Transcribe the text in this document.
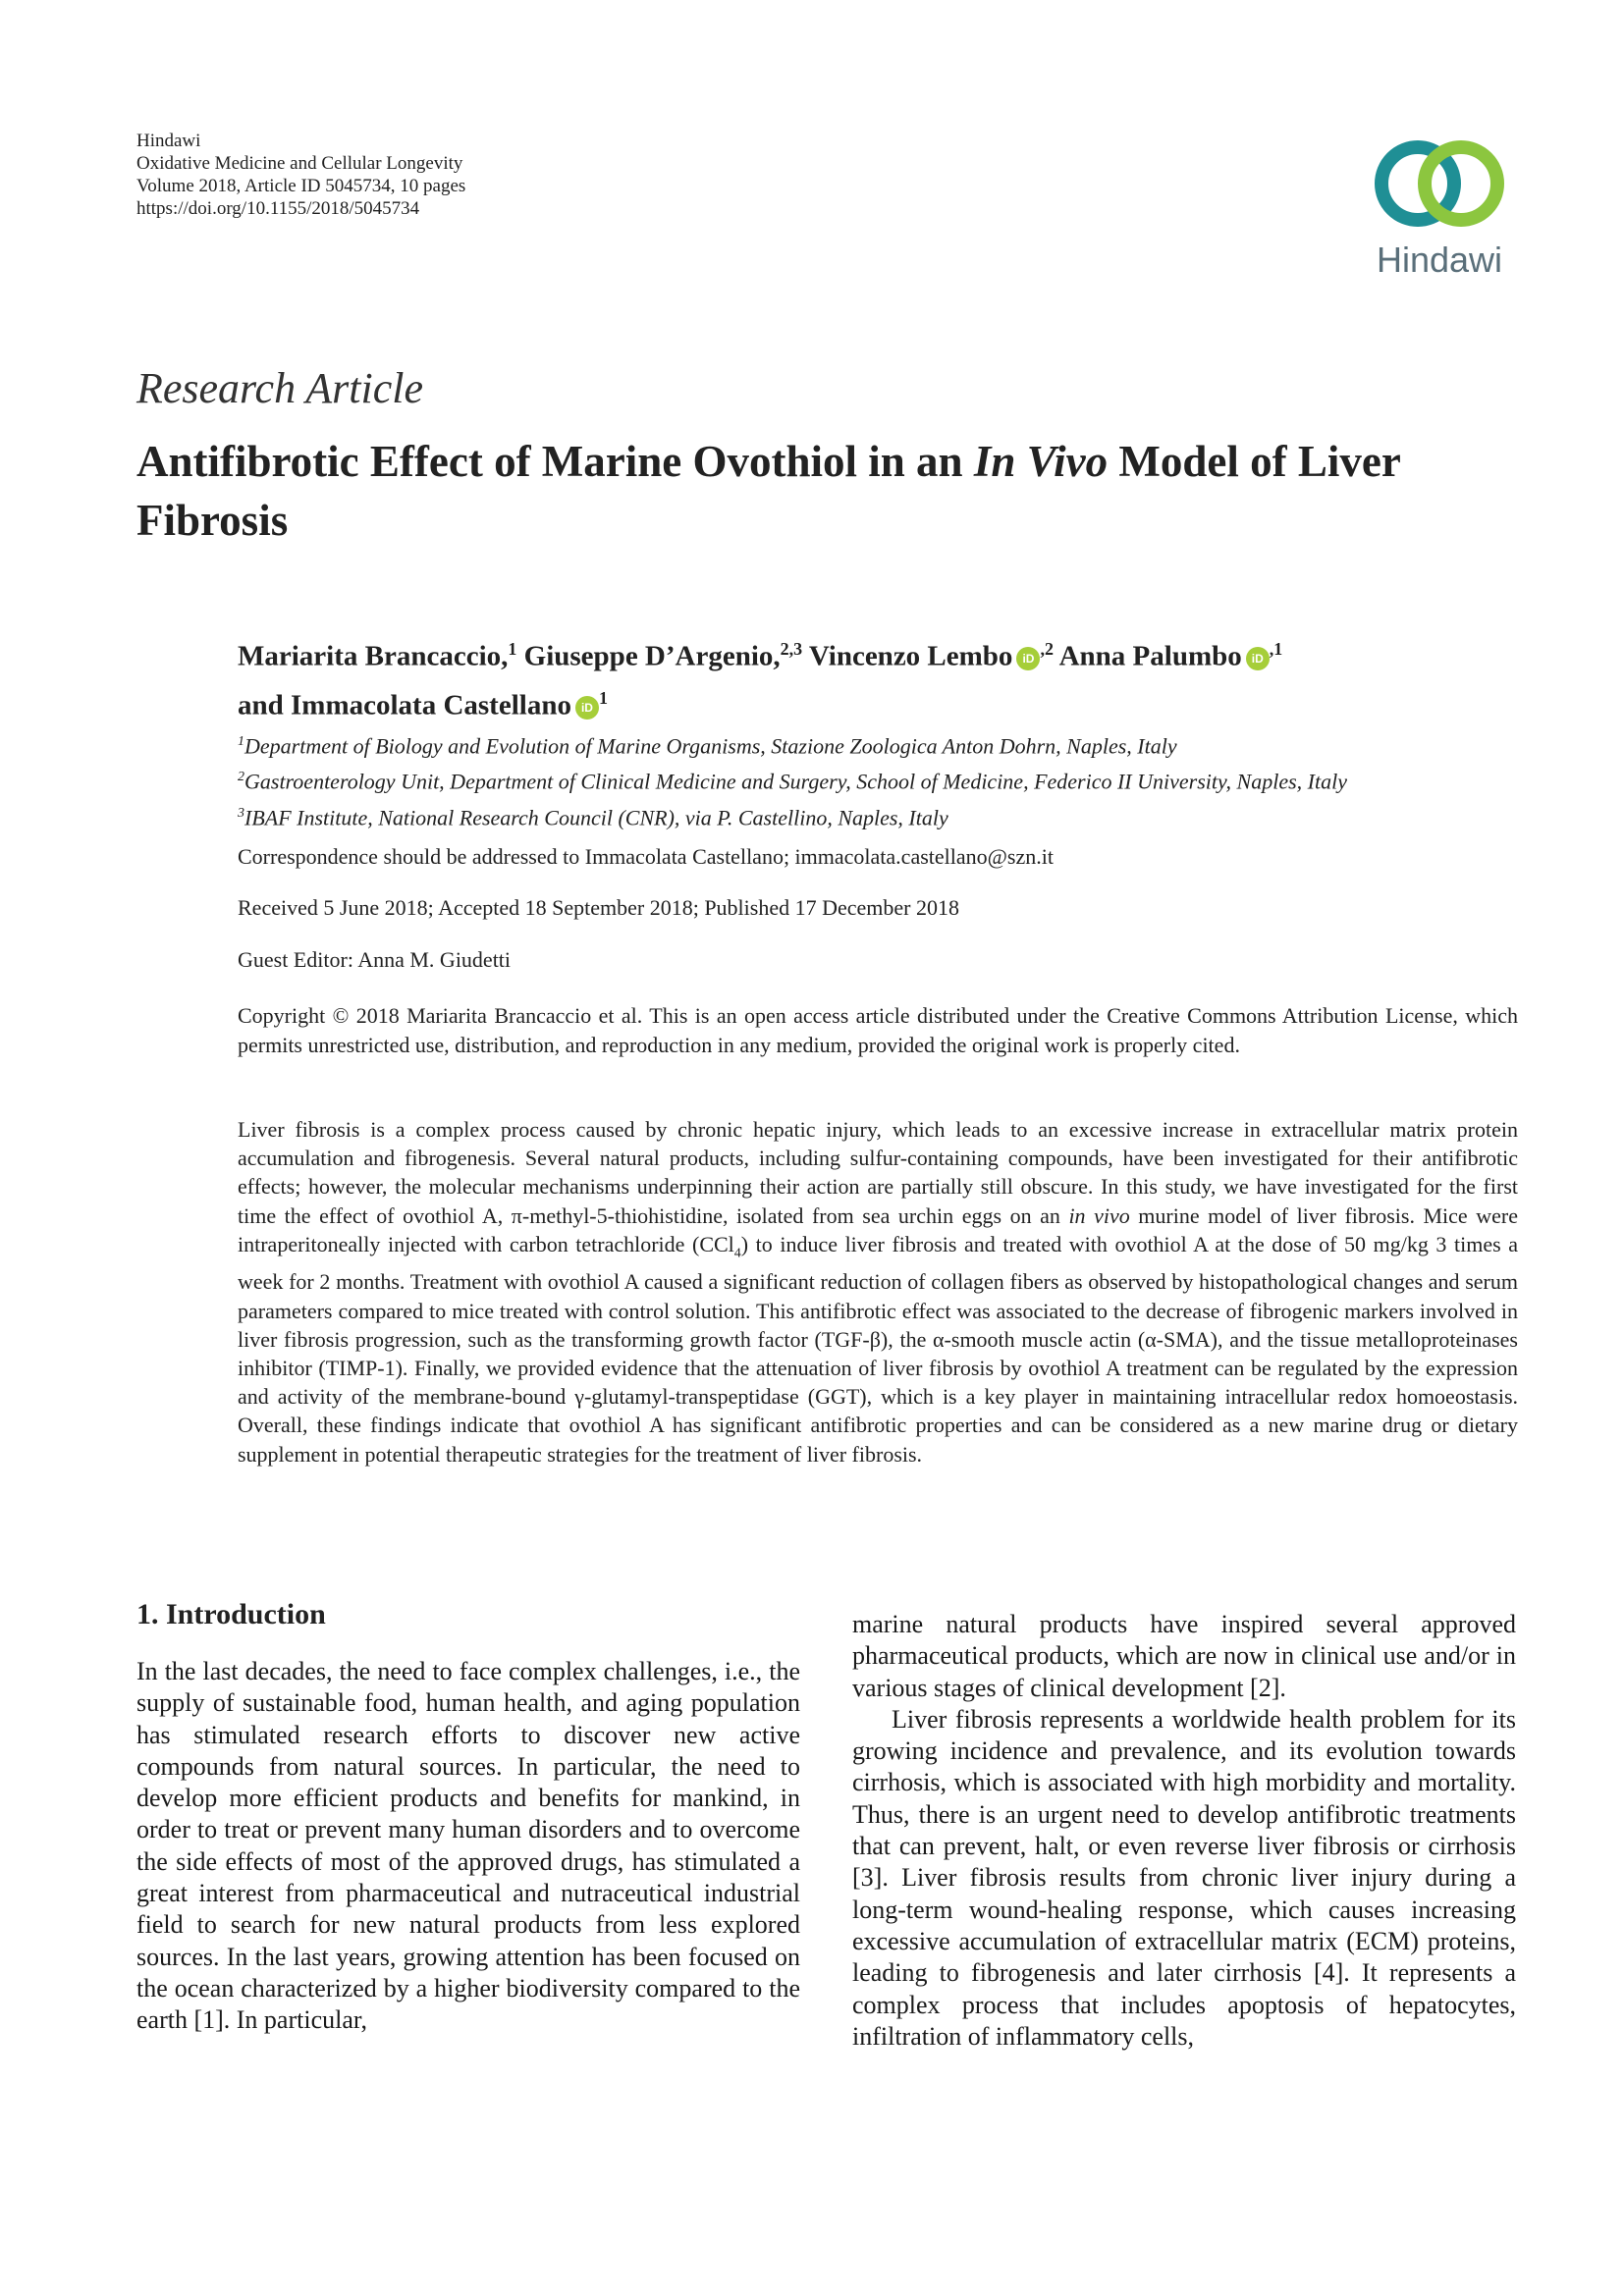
Hindawi
Oxidative Medicine and Cellular Longevity
Volume 2018, Article ID 5045734, 10 pages
https://doi.org/10.1155/2018/5045734
Hindawi
Research Article
Antifibrotic Effect of Marine Ovothiol in an In Vivo Model of Liver Fibrosis
Mariarita Brancaccio,$^1$ Giuseppe D’Argenio,$^{2,3}$ Vincenzo Lembo iD $^{,2}$ Anna Palumbo iD $^{,1}$
and Immacolata Castellano iD $^1$
$^1$Department of Biology and Evolution of Marine Organisms, Stazione Zoologica Anton Dohrn, Naples, Italy
$^2$Gastroenterology Unit, Department of Clinical Medicine and Surgery, School of Medicine, Federico II University, Naples, Italy
$^3$IBAF Institute, National Research Council (CNR), via P. Castellino, Naples, Italy
Correspondence should be addressed to Immacolata Castellano; immacolata.castellano@szn.it
Received 5 June 2018; Accepted 18 September 2018; Published 17 December 2018
Guest Editor: Anna M. Giudetti
Copyright © 2018 Mariarita Brancaccio et al. This is an open access article distributed under the Creative Commons Attribution License, which permits unrestricted use, distribution, and reproduction in any medium, provided the original work is properly cited.
Liver fibrosis is a complex process caused by chronic hepatic injury, which leads to an excessive increase in extracellular matrix protein accumulation and fibrogenesis. Several natural products, including sulfur-containing compounds, have been investigated for their antifibrotic effects; however, the molecular mechanisms underpinning their action are partially still obscure. In this study, we have investigated for the first time the effect of ovothiol A, π-methyl-5-thiohistidine, isolated from sea urchin eggs on an in vivo murine model of liver fibrosis. Mice were intraperitoneally injected with carbon tetrachloride (CCl$_4$) to induce liver fibrosis and treated with ovothiol A at the dose of 50 mg/kg 3 times a week for 2 months. Treatment with ovothiol A caused a significant reduction of collagen fibers as observed by histopathological changes and serum parameters compared to mice treated with control solution. This antifibrotic effect was associated to the decrease of fibrogenic markers involved in liver fibrosis progression, such as the transforming growth factor (TGF-β), the α-smooth muscle actin (α-SMA), and the tissue metalloproteinases inhibitor (TIMP-1). Finally, we provided evidence that the attenuation of liver fibrosis by ovothiol A treatment can be regulated by the expression and activity of the membrane-bound γ-glutamyl-transpeptidase (GGT), which is a key player in maintaining intracellular redox homoeostasis. Overall, these findings indicate that ovothiol A has significant antifibrotic properties and can be considered as a new marine drug or dietary supplement in potential therapeutic strategies for the treatment of liver fibrosis.
1. Introduction

In the last decades, the need to face complex challenges, i.e., the supply of sustainable food, human health, and aging population has stimulated research efforts to discover new active compounds from natural sources. In particular, the need to develop more efficient products and benefits for mankind, in order to treat or prevent many human disorders and to overcome the side effects of most of the approved drugs, has stimulated a great interest from pharmaceutical and nutraceutical industrial field to search for new natural products from less explored sources. In the last years, growing attention has been focused on the ocean characterized by a higher biodiversity compared to the earth [1]. In particular,

marine natural products have inspired several approved pharmaceutical products, which are now in clinical use and/or in various stages of clinical development [2].

Liver fibrosis represents a worldwide health problem for its growing incidence and prevalence, and its evolution towards cirrhosis, which is associated with high morbidity and mortality. Thus, there is an urgent need to develop antifibrotic treatments that can prevent, halt, or even reverse liver fibrosis or cirrhosis [3]. Liver fibrosis results from chronic liver injury during a long-term wound-healing response, which causes increasing excessive accumulation of extracellular matrix (ECM) proteins, leading to fibrogenesis and later cirrhosis [4]. It represents a complex process that includes apoptosis of hepatocytes, infiltration of inflammatory cells,
